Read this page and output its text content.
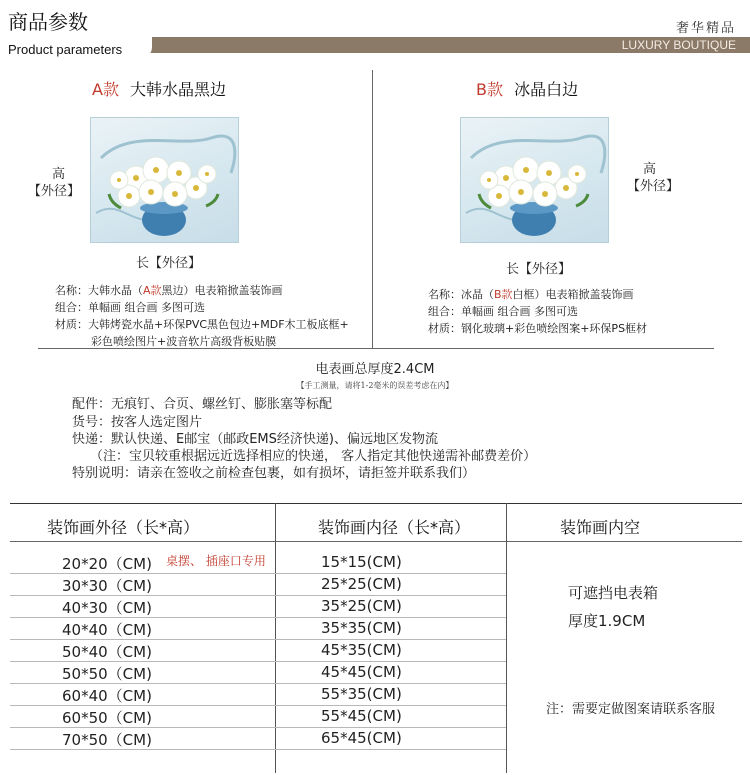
商品参数	奢华精品
Product parameters	LUXURY BOUTIQUE
A款 大韩水晶黑边
高
【外径】
长【外径】
名称：大韩水晶（A款黑边）电表箱掀盖装饰画
组合：单幅画 组合画 多图可选
材质：大韩烤瓷水晶+环保PVC黑色包边+MDF木工板底框+
彩色喷绘图片+波音软片高级背板贴膜
B款 冰晶白边
高
【外径】
长【外径】
名称：冰晶（B款白框）电表箱掀盖装饰画
组合：单幅画 组合画 多图可选
材质：钢化玻璃+彩色喷绘图案+环保PS框材
电表画总厚度2.4CM
【手工测量，请将1-2毫米的误差考虑在内】
配件：无痕钉、合页、螺丝钉、膨胀塞等标配
货号：按客人选定图片
快递：默认快递、E邮宝（邮政EMS经济快递)、偏远地区发物流
（注：宝贝较重根据远近选择相应的快递， 客人指定其他快递需补邮费差价）
特别说明：请亲在签收之前检查包裹，如有损坏，请拒签并联系我们）
装饰画外径（长*高）	装饰画内径（长*高）	装饰画内空
20*20（CM)	15*15(CM)
桌摆、 插座口专用
30*30（CM)	25*25(CM)
40*30（CM)	35*25(CM)
40*40（CM)	35*35(CM)
50*40（CM)	45*35(CM)
50*50（CM)	45*45(CM)
60*40（CM)	55*35(CM)
60*50（CM)	55*45(CM)
70*50（CM)	65*45(CM)
可遮挡电表箱
厚度1.9CM
注：需要定做图案请联系客服
